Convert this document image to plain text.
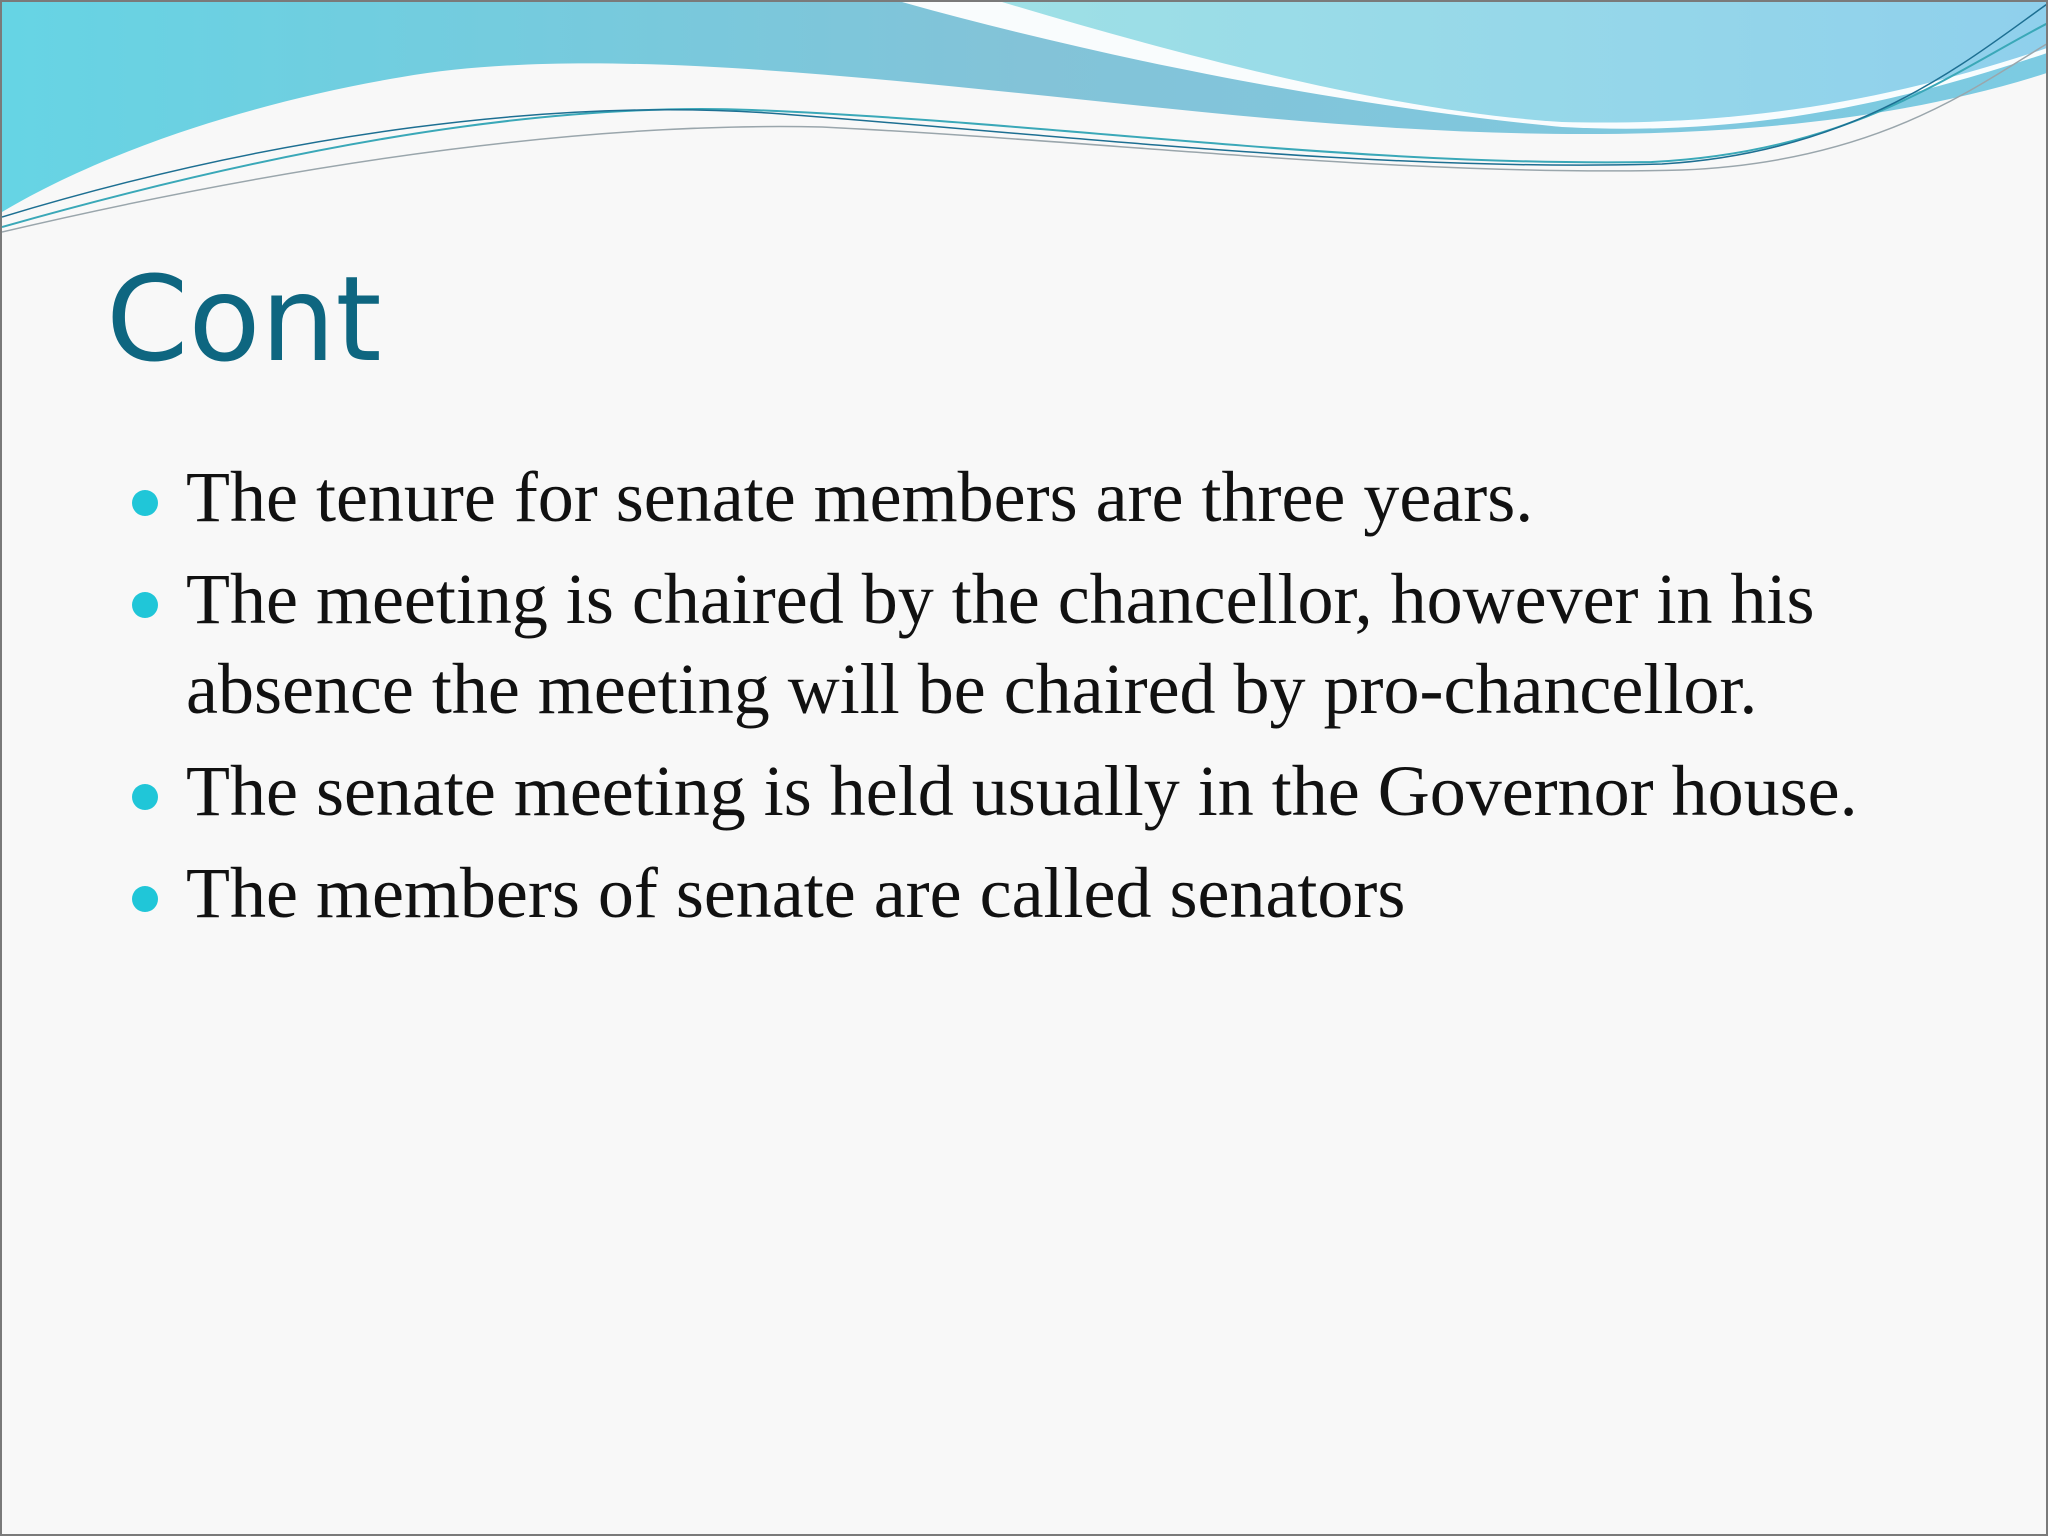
Cont
The tenure for senate members are three years.
The meeting is chaired by the chancellor, however in his absence the meeting will be chaired by pro-chancellor.
The senate meeting is held usually in the Governor house.
The members of senate are called senators
